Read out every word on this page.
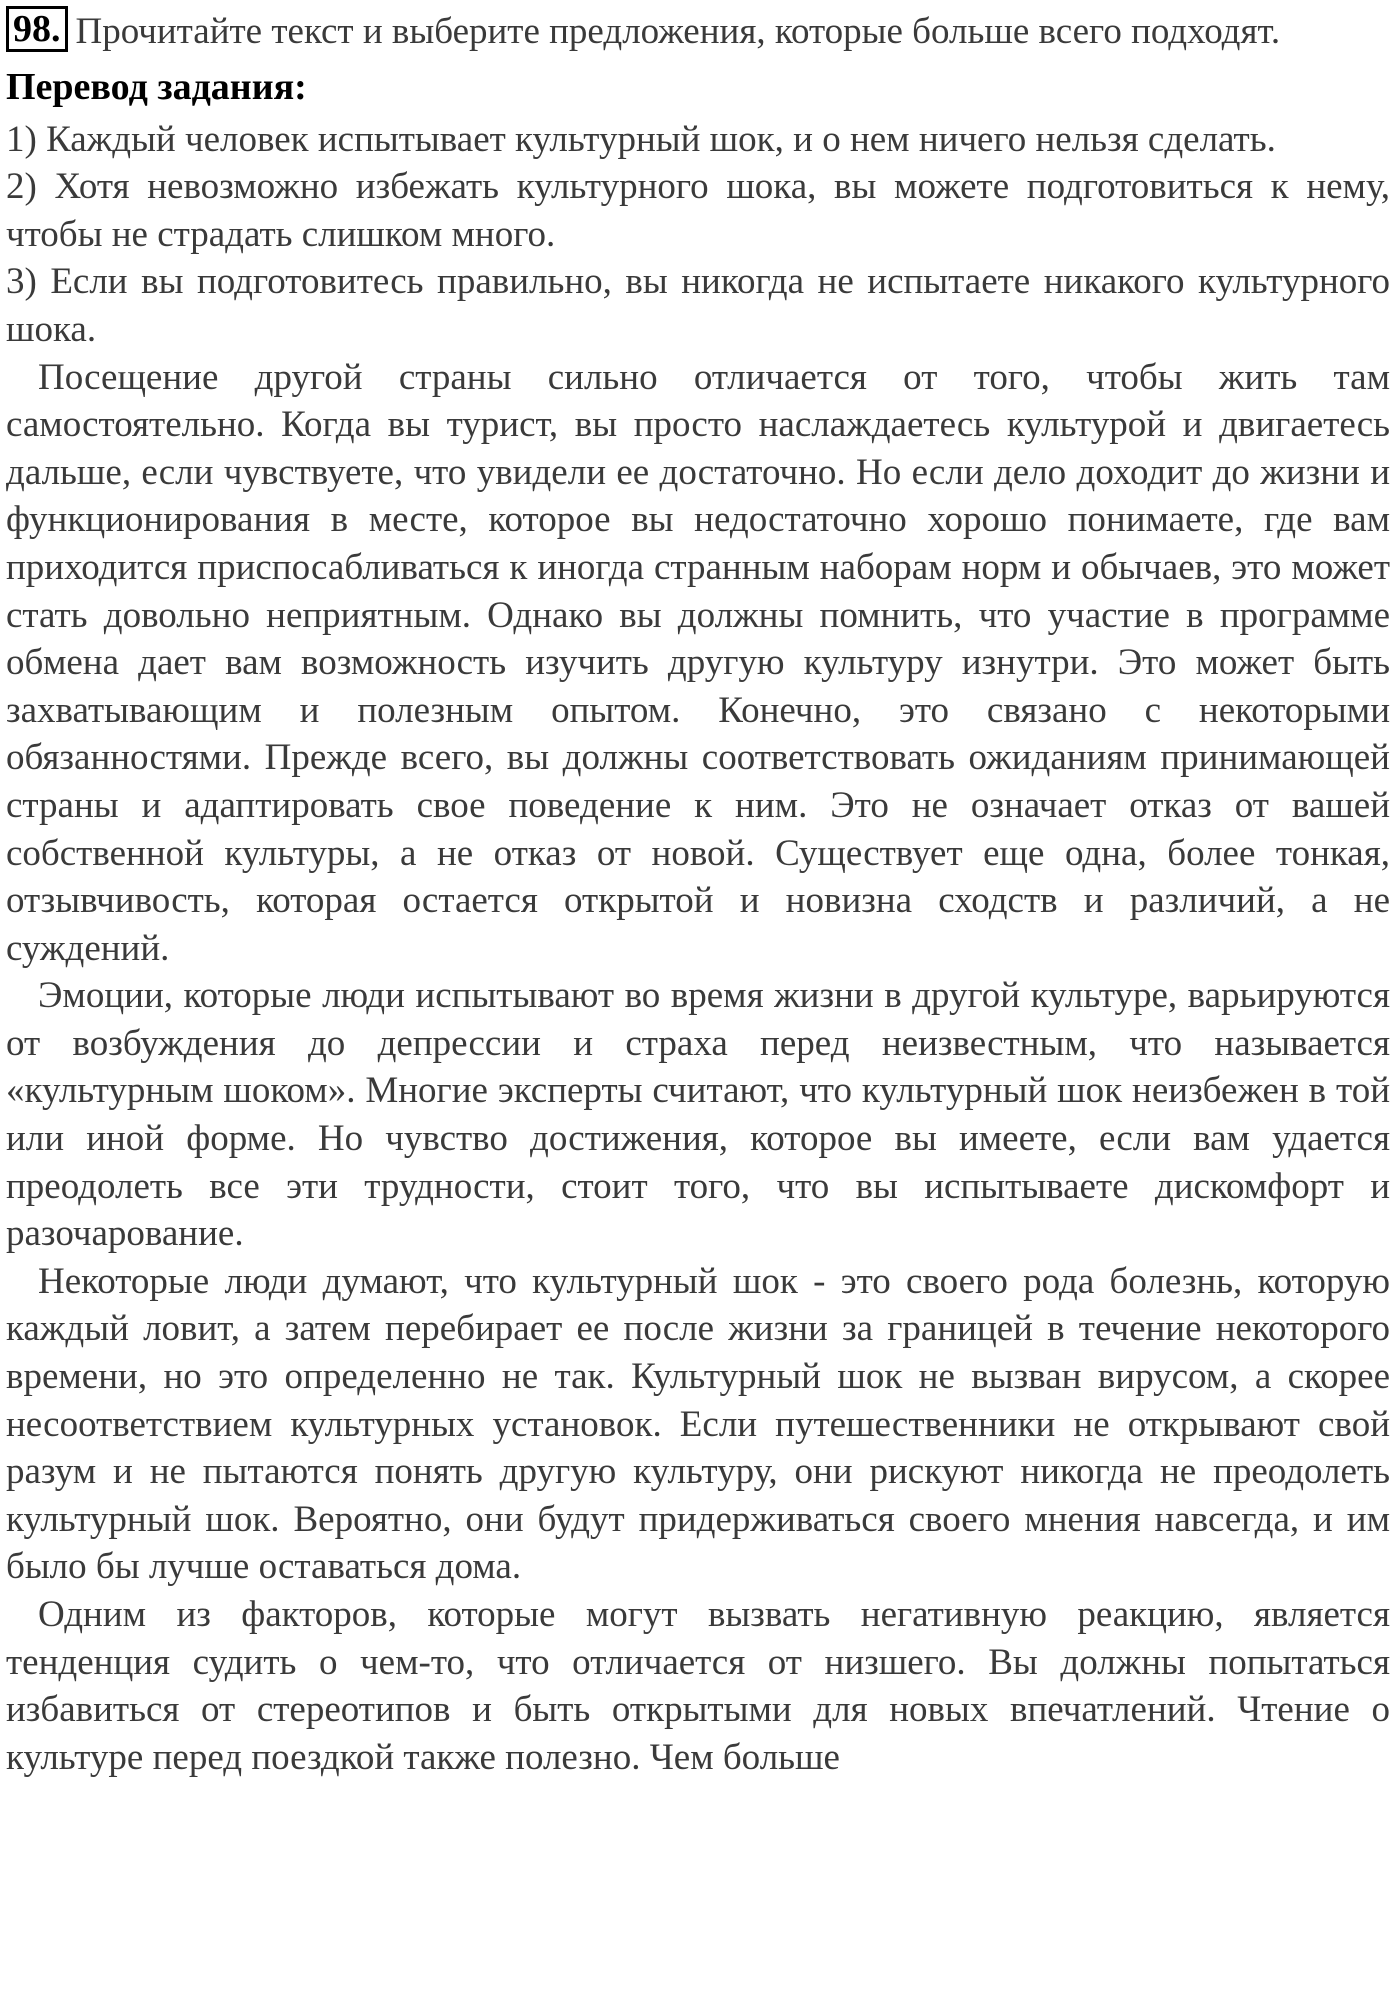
98. Прочитайте текст и выберите предложения, которые больше всего подходят.

Перевод задания:

1) Каждый человек испытывает культурный шок, и о нем ничего нельзя сделать.

2) Хотя невозможно избежать культурного шока, вы можете подготовиться к нему, чтобы не страдать слишком много.

3) Если вы подготовитесь правильно, вы никогда не испытаете никакого культурного шока.

Посещение другой страны сильно отличается от того, чтобы жить там самостоятельно. Когда вы турист, вы просто наслаждаетесь культурой и двигаетесь дальше, если чувствуете, что увидели ее достаточно. Но если дело доходит до жизни и функционирования в месте, которое вы недостаточно хорошо понимаете, где вам приходится приспосабливаться к иногда странным наборам норм и обычаев, это может стать довольно неприятным. Однако вы должны помнить, что участие в программе обмена дает вам возможность изучить другую культуру изнутри. Это может быть захватывающим и полезным опытом. Конечно, это связано с некоторыми обязанностями. Прежде всего, вы должны соответствовать ожиданиям принимающей страны и адаптировать свое поведение к ним. Это не означает отказ от вашей собственной культуры, а не отказ от новой. Существует еще одна, более тонкая, отзывчивость, которая остается открытой и новизна сходств и различий, а не суждений.

Эмоции, которые люди испытывают во время жизни в другой культуре, варьируются от возбуждения до депрессии и страха перед неизвестным, что называется «культурным шоком». Многие эксперты считают, что культурный шок неизбежен в той или иной форме. Но чувство достижения, которое вы имеете, если вам удается преодолеть все эти трудности, стоит того, что вы испытываете дискомфорт и разочарование.

Некоторые люди думают, что культурный шок - это своего рода болезнь, которую каждый ловит, а затем перебирает ее после жизни за границей в течение некоторого времени, но это определенно не так. Культурный шок не вызван вирусом, а скорее несоответствием культурных установок. Если путешественники не открывают свой разум и не пытаются понять другую культуру, они рискуют никогда не преодолеть культурный шок. Вероятно, они будут придерживаться своего мнения навсегда, и им было бы лучше оставаться дома.

Одним из факторов, которые могут вызвать негативную реакцию, является тенденция судить о чем-то, что отличается от низшего. Вы должны попытаться избавиться от стереотипов и быть открытыми для новых впечатлений. Чтение о культуре перед поездкой также полезно. Чем больше
